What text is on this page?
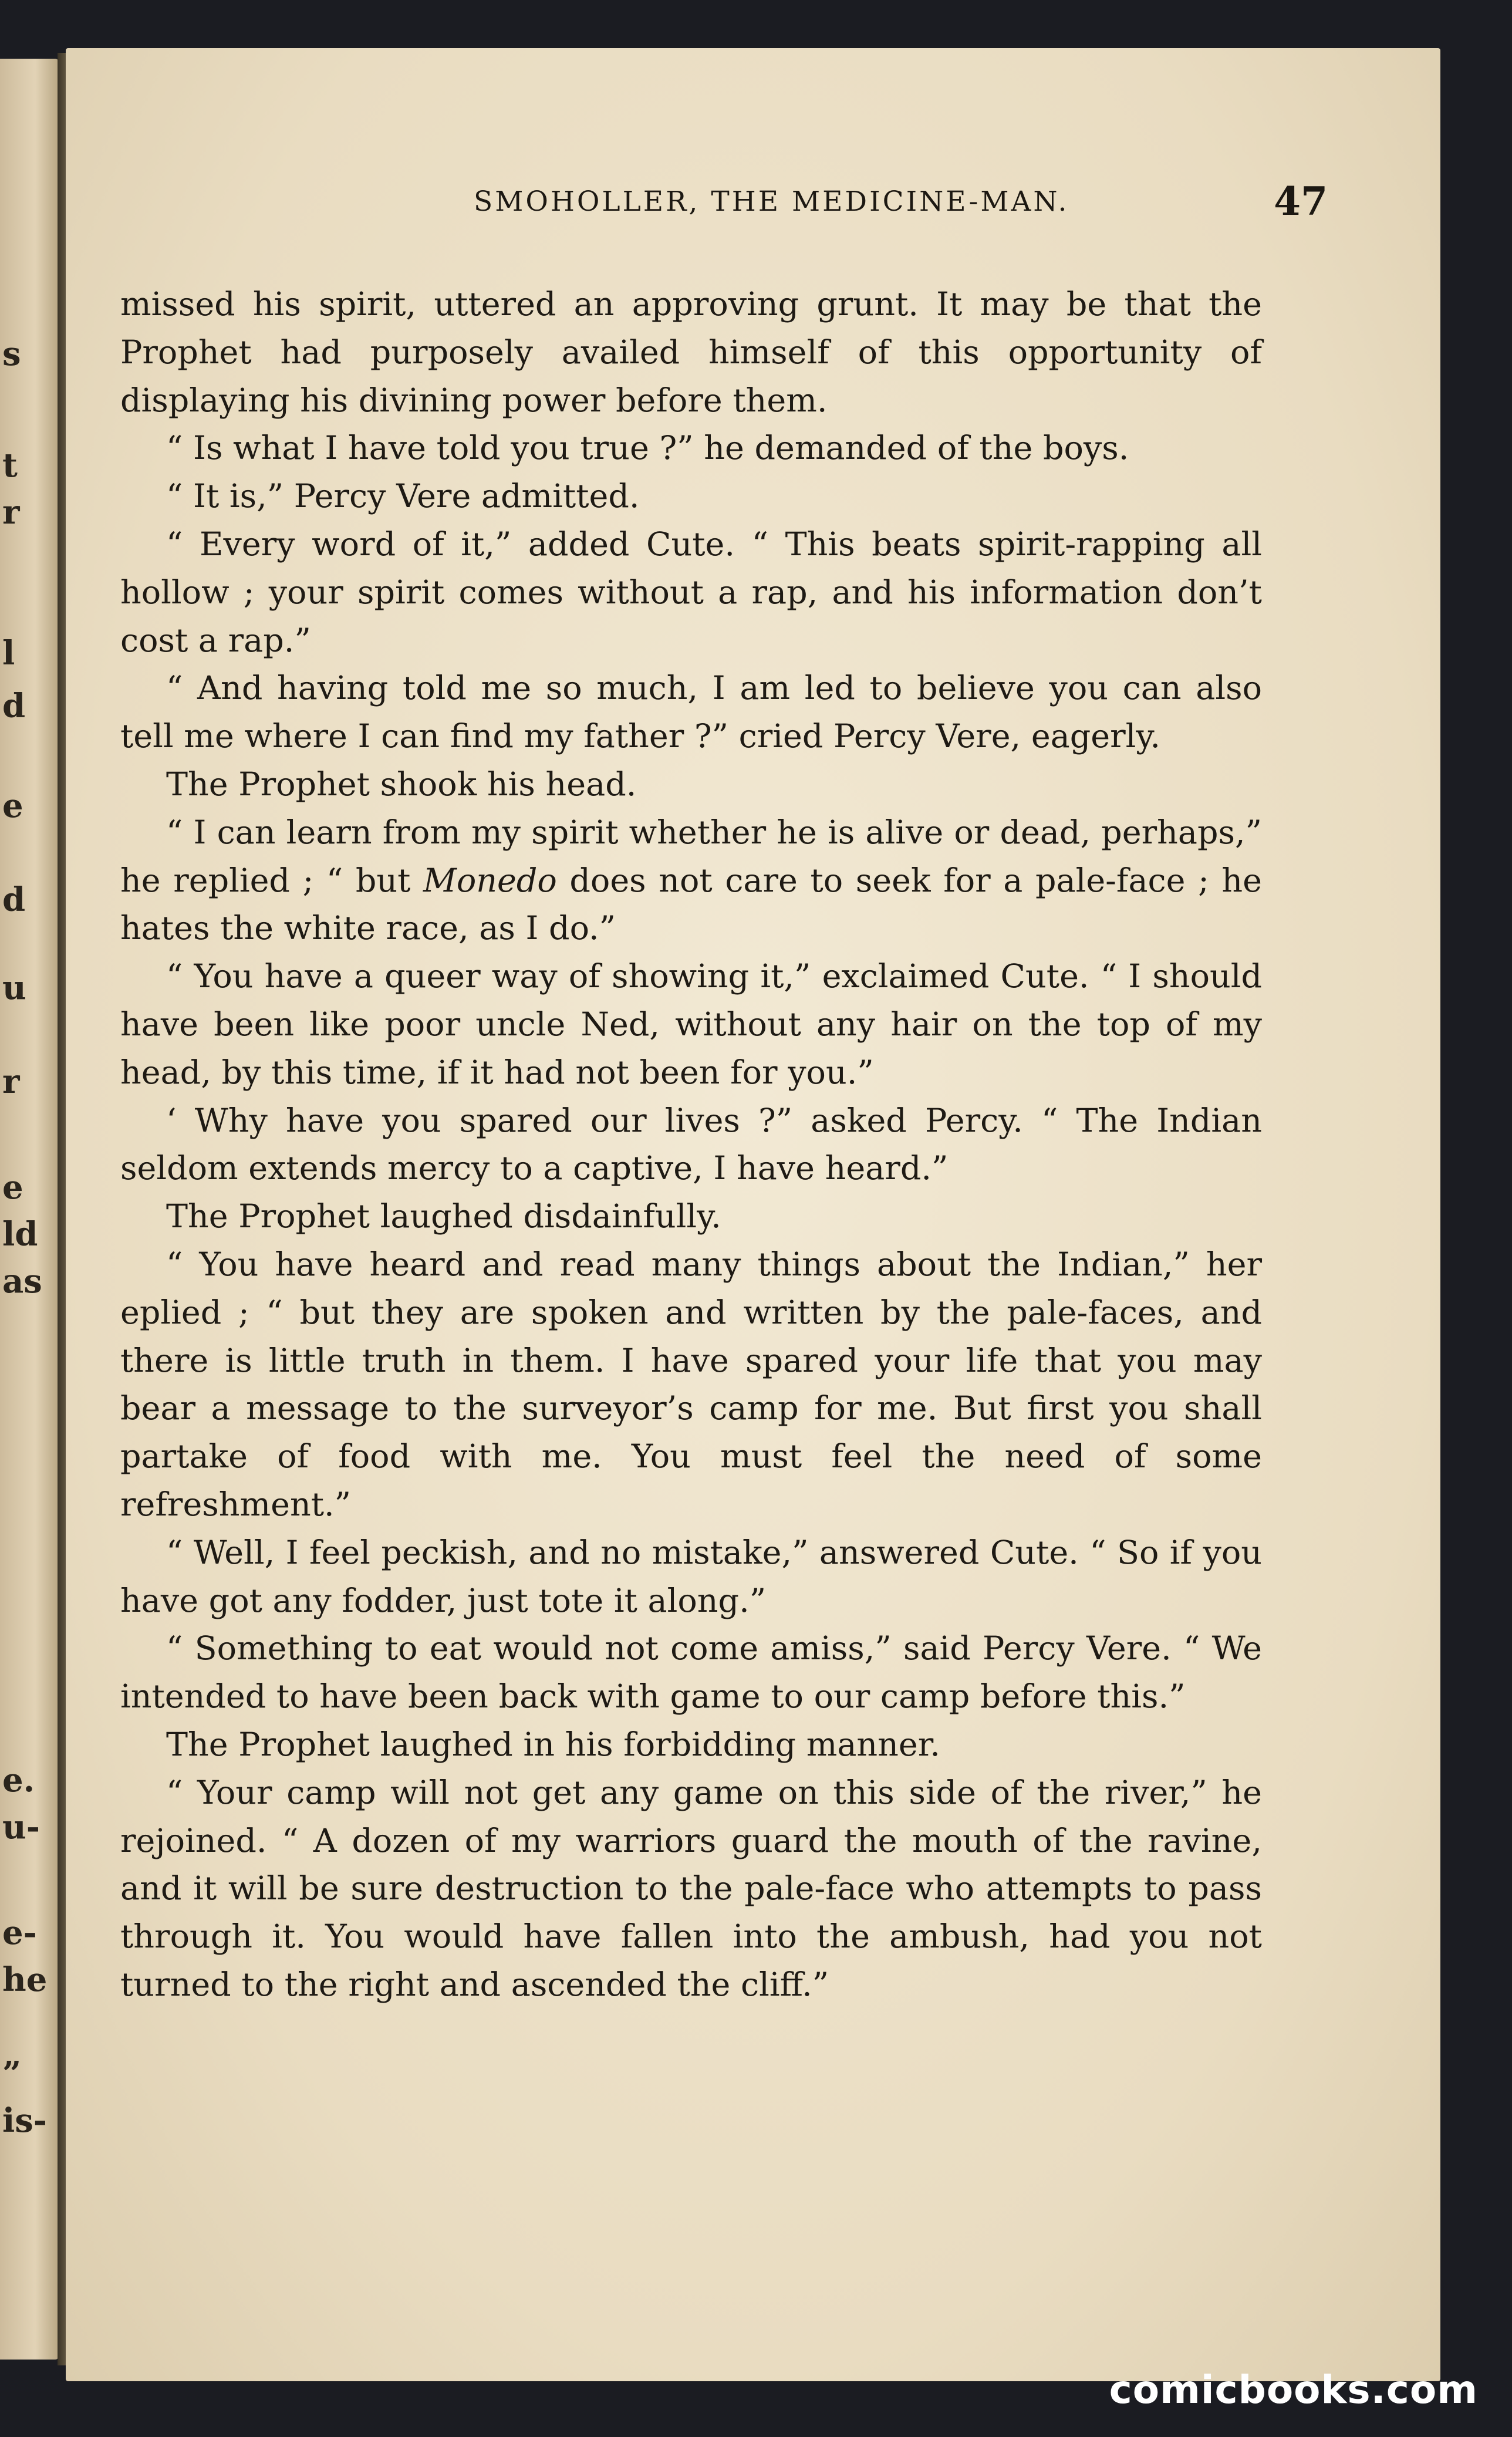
s
t
r
l
d
e
d
u
r
e
ld
as
e.
u-
e-
he
”
is-
SMOHOLLER, THE MEDICINE-MAN.	47

missed his spirit, uttered an approving grunt. It may be that the Prophet had purposely availed himself of this opportunity of displaying his divining power before them.

“ Is what I have told you true ?” he demanded of the boys.

“ It is,” Percy Vere admitted.

“ Every word of it,” added Cute. “ This beats spirit-rapping all hollow ; your spirit comes without a rap, and his information don’t cost a rap.”

“ And having told me so much, I am led to believe you can also tell me where I can find my father ?” cried Percy Vere, eagerly.

The Prophet shook his head.

“ I can learn from my spirit whether he is alive or dead, perhaps,” he replied ; “ but Monedo does not care to seek for a pale-face ; he hates the white race, as I do.”

“ You have a queer way of showing it,” exclaimed Cute. “ I should have been like poor uncle Ned, without any hair on the top of my head, by this time, if it had not been for you.”

‘ Why have you spared our lives ?” asked Percy. “ The Indian seldom extends mercy to a captive, I have heard.”

The Prophet laughed disdainfully.

“ You have heard and read many things about the Indian,” her eplied ; “ but they are spoken and written by the pale-faces, and there is little truth in them. I have spared your life that you may bear a message to the surveyor’s camp for me. But first you shall partake of food with me. You must feel the need of some refreshment.”

“ Well, I feel peckish, and no mistake,” answered Cute. “ So if you have got any fodder, just tote it along.”

“ Something to eat would not come amiss,” said Percy Vere. “ We intended to have been back with game to our camp before this.”

The Prophet laughed in his forbidding manner.

“ Your camp will not get any game on this side of the river,” he rejoined. “ A dozen of my warriors guard the mouth of the ravine, and it will be sure destruction to the pale-face who attempts to pass through it. You would have fallen into the ambush, had you not turned to the right and ascended the cliff.”

comicbooks.com
